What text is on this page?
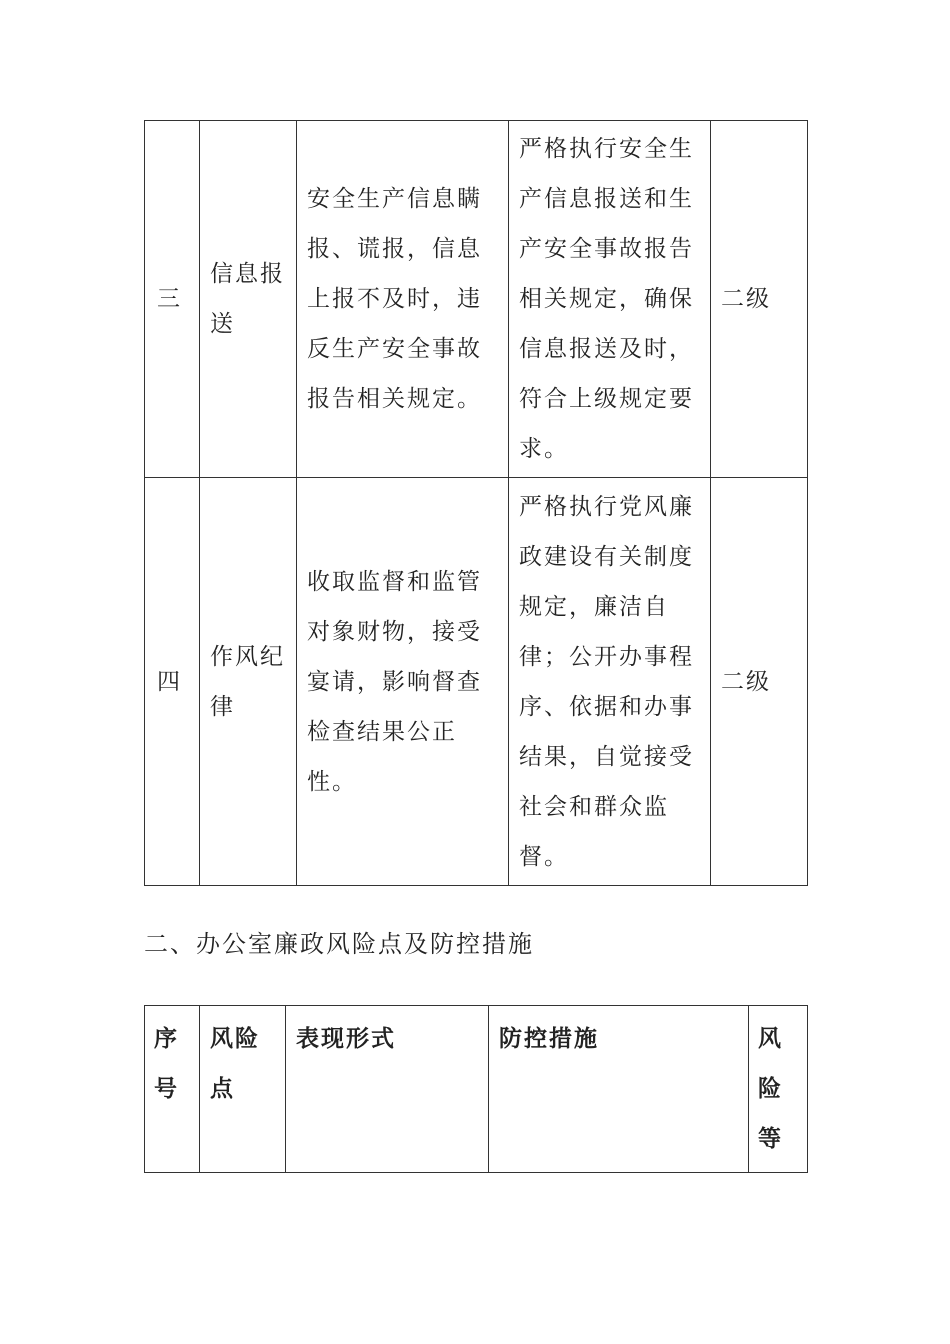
三	信息报送	安全生产信息瞒报、谎报，信息上报不及时，违反生产安全事故报告相关规定。	严格执行安全生产信息报送和生产安全事故报告相关规定，确保信息报送及时，符合上级规定要求。	二级
四	作风纪律	收取监督和监管对象财物，接受宴请，影响督查检查结果公正性。	严格执行党风廉政建设有关制度规定，廉洁自律；公开办事程序、依据和办事结果，自觉接受社会和群众监督。	二级
二、办公室廉政风险点及防控措施
序号	风险点	表现形式	防控措施	风险等
